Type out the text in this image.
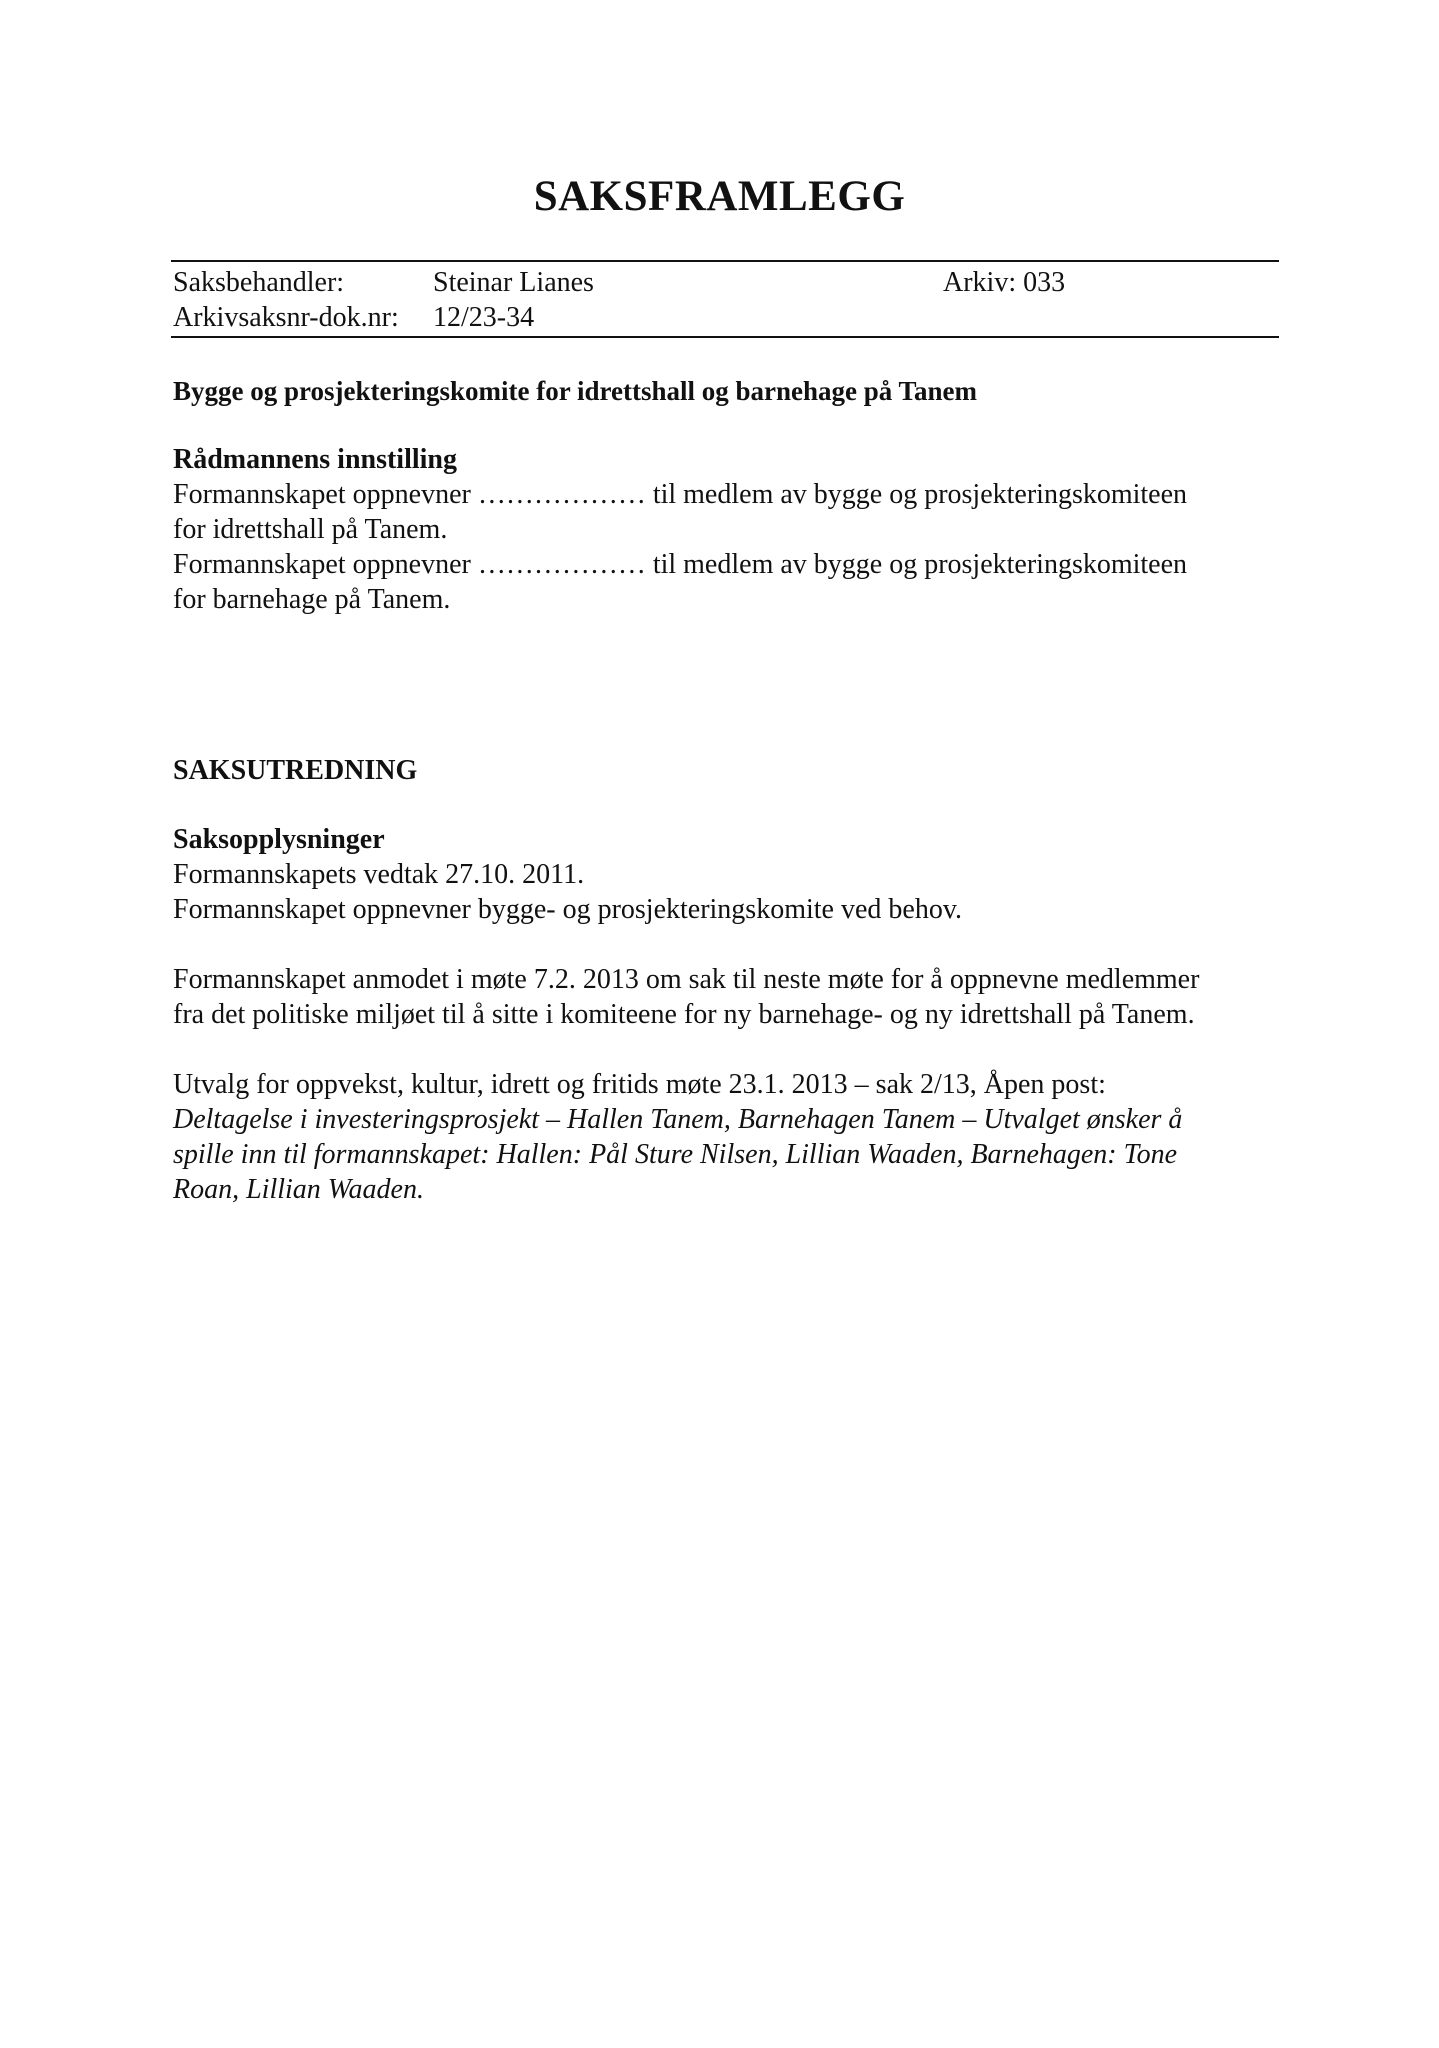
SAKSFRAMLEGG
Saksbehandler:	Steinar Lianes	Arkiv: 033
Arkivsaksnr-dok.nr: 12/23-34
Bygge og prosjekteringskomite for idrettshall og barnehage på Tanem

Rådmannens innstilling

Formannskapet oppnevner ……………… til medlem av bygge og prosjekteringskomiteen

for idrettshall på Tanem.

Formannskapet oppnevner ……………… til medlem av bygge og prosjekteringskomiteen

for barnehage på Tanem.

SAKSUTREDNING

Saksopplysninger

Formannskapets vedtak 27.10. 2011.

Formannskapet oppnevner bygge- og prosjekteringskomite ved behov.

Formannskapet anmodet i møte 7.2. 2013 om sak til neste møte for å oppnevne medlemmer

fra det politiske miljøet til å sitte i komiteene for ny barnehage- og ny idrettshall på Tanem.

Utvalg for oppvekst, kultur, idrett og fritids møte 23.1. 2013 – sak 2/13, Åpen post:

Deltagelse i investeringsprosjekt – Hallen Tanem, Barnehagen Tanem – Utvalget ønsker å

spille inn til formannskapet: Hallen: Pål Sture Nilsen, Lillian Waaden, Barnehagen: Tone

Roan, Lillian Waaden.
